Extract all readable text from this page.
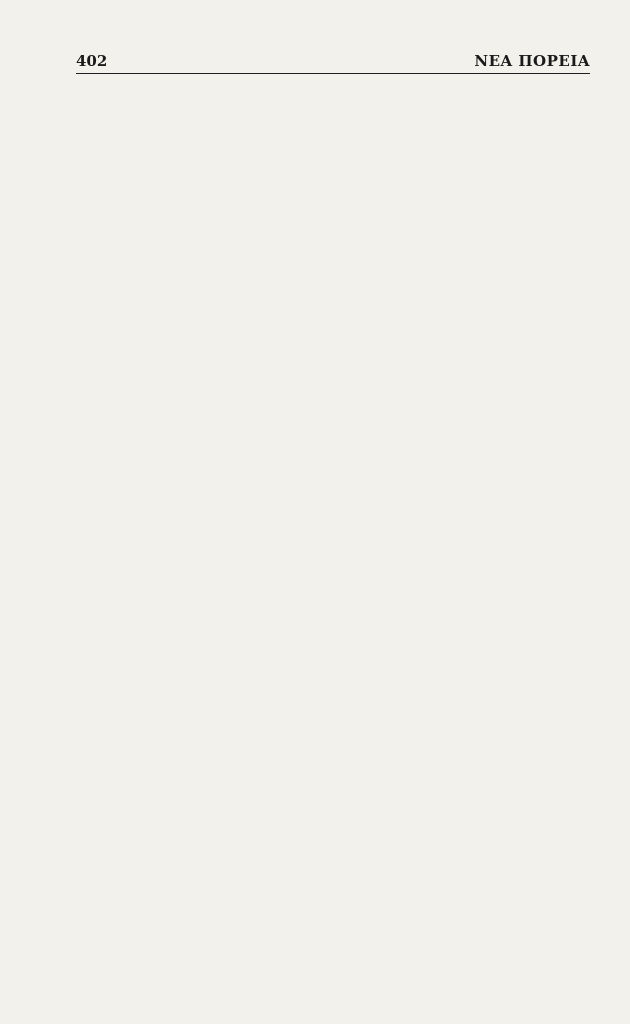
402	ΝΕΑ ΠΟΡΕΙΑ
